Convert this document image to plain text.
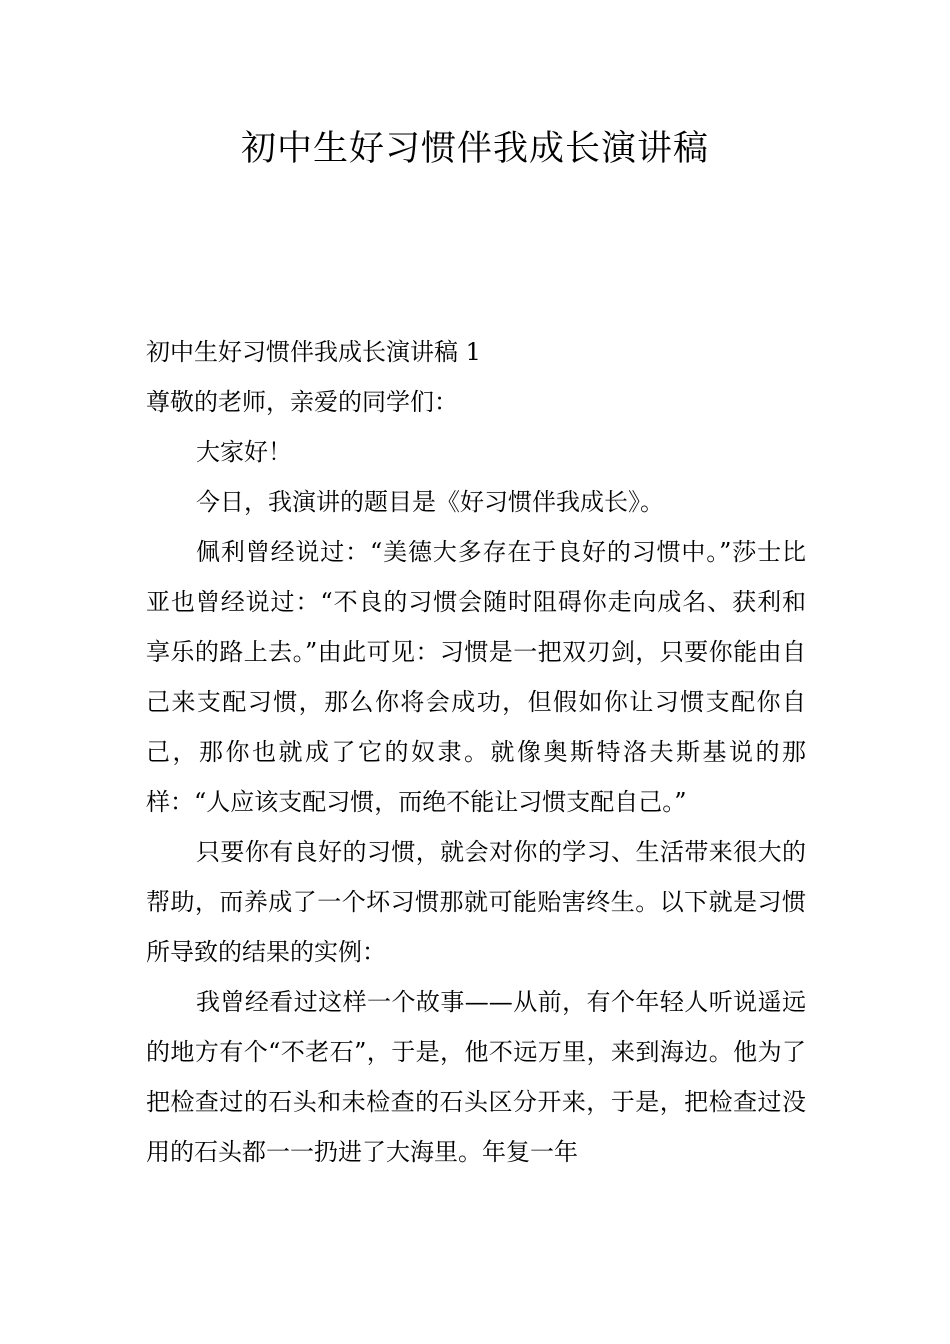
初中生好习惯伴我成长演讲稿

初中生好习惯伴我成长演讲稿 1

尊敬的老师，亲爱的同学们：

大家好！

今日，我演讲的题目是《好习惯伴我成长》。

佩利曾经说过：“美德大多存在于良好的习惯中。”莎士比亚也曾经说过：“不良的习惯会随时阻碍你走向成名、获利和享乐的路上去。”由此可见：习惯是一把双刃剑，只要你能由自己来支配习惯，那么你将会成功，但假如你让习惯支配你自己，那你也就成了它的奴隶。就像奥斯特洛夫斯基说的那样：“人应该支配习惯，而绝不能让习惯支配自己。”

只要你有良好的习惯，就会对你的学习、生活带来很大的帮助，而养成了一个坏习惯那就可能贻害终生。以下就是习惯所导致的结果的实例：

我曾经看过这样一个故事——从前，有个年轻人听说遥远的地方有个“不老石”，于是，他不远万里，来到海边。他为了把检查过的石头和未检查的石头区分开来，于是，把检查过没用的石头都一一扔进了大海里。年复一年
